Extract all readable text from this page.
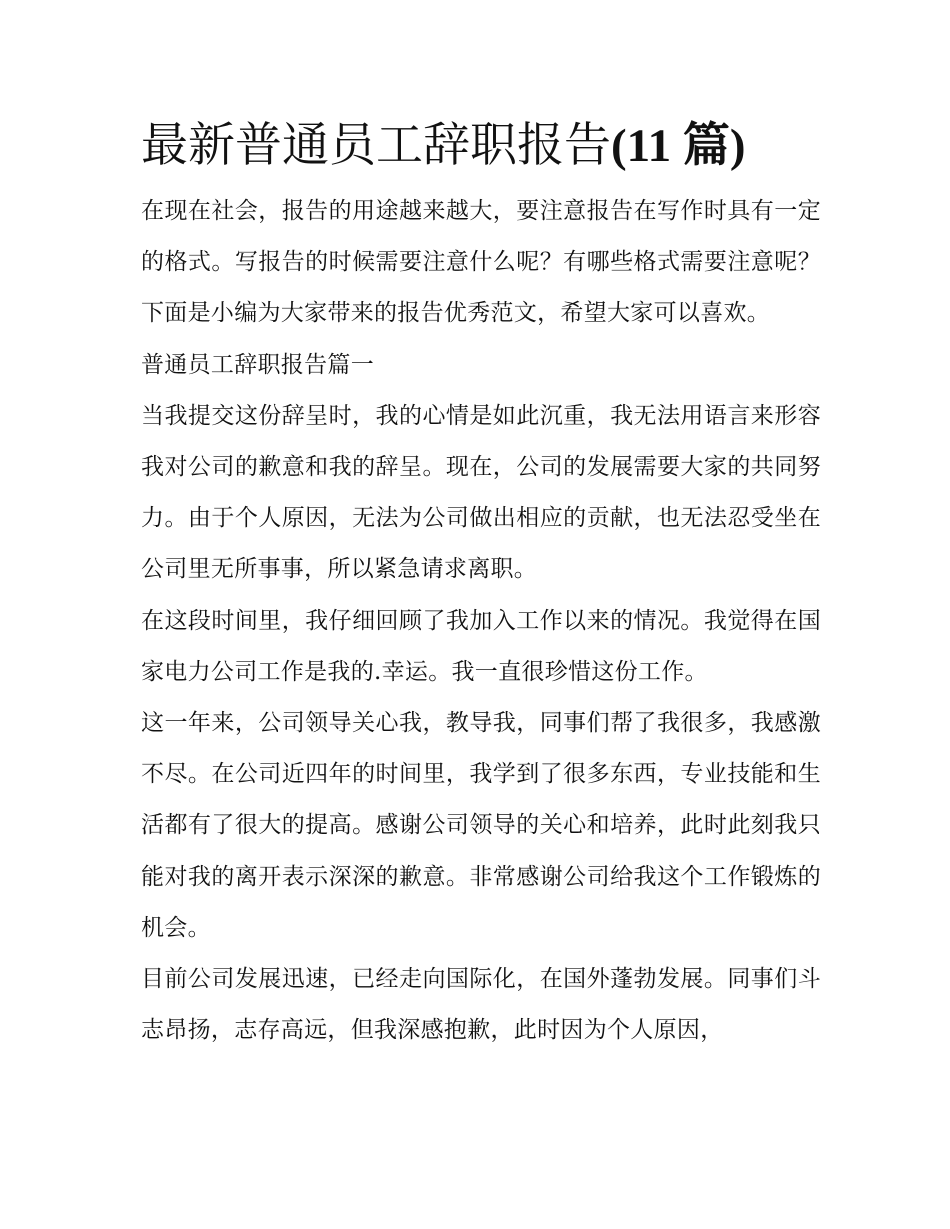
最新普通员工辞职报告(11 篇)

在现在社会，报告的用途越来越大，要注意报告在写作时具有一定的格式。写报告的时候需要注意什么呢？有哪些格式需要注意呢？下面是小编为大家带来的报告优秀范文，希望大家可以喜欢。

普通员工辞职报告篇一

当我提交这份辞呈时，我的心情是如此沉重，我无法用语言来形容我对公司的歉意和我的辞呈。现在，公司的发展需要大家的共同努力。由于个人原因，无法为公司做出相应的贡献，也无法忍受坐在公司里无所事事，所以紧急请求离职。

在这段时间里，我仔细回顾了我加入工作以来的情况。我觉得在国家电力公司工作是我的.幸运。我一直很珍惜这份工作。

这一年来，公司领导关心我，教导我，同事们帮了我很多，我感激不尽。在公司近四年的时间里，我学到了很多东西，专业技能和生活都有了很大的提高。感谢公司领导的关心和培养，此时此刻我只能对我的离开表示深深的歉意。非常感谢公司给我这个工作锻炼的机会。

目前公司发展迅速，已经走向国际化，在国外蓬勃发展。同事们斗志昂扬，志存高远，但我深感抱歉，此时因为个人原因，
